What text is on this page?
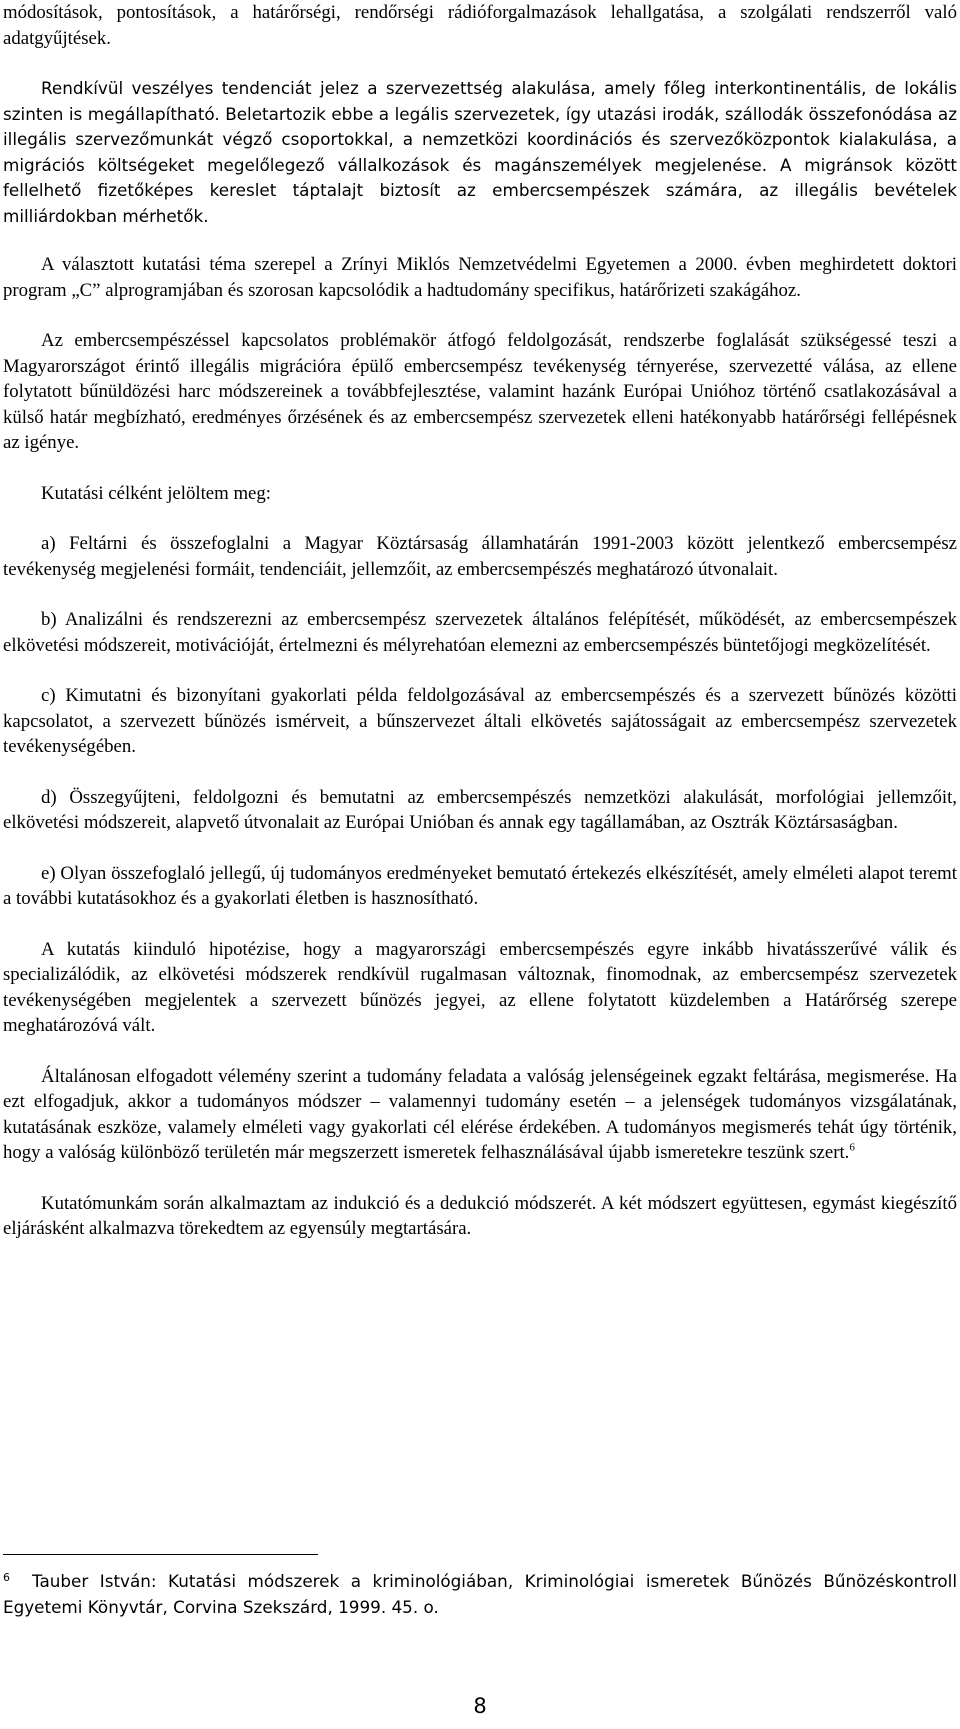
módosítások, pontosítások, a határőrségi, rendőrségi rádióforgalmazások lehallgatása, a szolgálati rendszerről való adatgyűjtések.

Rendkívül veszélyes tendenciát jelez a szervezettség alakulása, amely főleg interkontinentális, de lokális szinten is megállapítható. Beletartozik ebbe a legális szervezetek, így utazási irodák, szállodák összefonódása az illegális szervezőmunkát végző csoportokkal, a nemzetközi koordinációs és szervezőközpontok kialakulása, a migrációs költségeket megelőlegező vállalkozások és magánszemélyek megjelenése. A migránsok között fellelhető fizetőképes kereslet táptalajt biztosít az embercsempészek számára, az illegális bevételek milliárdokban mérhetők.

A választott kutatási téma szerepel a Zrínyi Miklós Nemzetvédelmi Egyetemen a 2000. évben meghirdetett doktori program „C” alprogramjában és szorosan kapcsolódik a hadtudomány specifikus, határőrizeti szakágához.

Az embercsempészéssel kapcsolatos problémakör átfogó feldolgozását, rendszerbe foglalását szükségessé teszi a Magyarországot érintő illegális migrációra épülő embercsempész tevékenység térnyerése, szervezetté válása, az ellene folytatott bűnüldözési harc módszereinek a továbbfejlesztése, valamint hazánk Európai Unióhoz történő csatlakozásával a külső határ megbízható, eredményes őrzésének és az embercsempész szervezetek elleni hatékonyabb határőrségi fellépésnek az igénye.

Kutatási célként jelöltem meg:

a) Feltárni és összefoglalni a Magyar Köztársaság államhatárán 1991-2003 között jelentkező embercsempész tevékenység megjelenési formáit, tendenciáit, jellemzőit, az embercsempészés meghatározó útvonalait.

b) Analizálni és rendszerezni az embercsempész szervezetek általános felépítését, működését, az embercsempészek elkövetési módszereit, motivációját, értelmezni és mélyrehatóan elemezni az embercsempészés büntetőjogi megközelítését.

c) Kimutatni és bizonyítani gyakorlati példa feldolgozásával az embercsempészés és a szervezett bűnözés közötti kapcsolatot, a szervezett bűnözés ismérveit, a bűnszervezet általi elkövetés sajátosságait az embercsempész szervezetek tevékenységében.

d) Összegyűjteni, feldolgozni és bemutatni az embercsempészés nemzetközi alakulását, morfológiai jellemzőit, elkövetési módszereit, alapvető útvonalait az Európai Unióban és annak egy tagállamában, az Osztrák Köztársaságban.

e) Olyan összefoglaló jellegű, új tudományos eredményeket bemutató értekezés elkészítését, amely elméleti alapot teremt a további kutatásokhoz és a gyakorlati életben is hasznosítható.

A kutatás kiinduló hipotézise, hogy a magyarországi embercsempészés egyre inkább hivatásszerűvé válik és specializálódik, az elkövetési módszerek rendkívül rugalmasan változnak, finomodnak, az embercsempész szervezetek tevékenységében megjelentek a szervezett bűnözés jegyei, az ellene folytatott küzdelemben a Határőrség szerepe meghatározóvá vált.

Általánosan elfogadott vélemény szerint a tudomány feladata a valóság jelenségeinek egzakt feltárása, megismerése. Ha ezt elfogadjuk, akkor a tudományos módszer – valamennyi tudomány esetén – a jelenségek tudományos vizsgálatának, kutatásának eszköze, valamely elméleti vagy gyakorlati cél elérése érdekében. A tudományos megismerés tehát úgy történik, hogy a valóság különböző területén már megszerzett ismeretek felhasználásával újabb ismeretekre teszünk szert.$^6$

Kutatómunkám során alkalmaztam az indukció és a dedukció módszerét. A két módszert együttesen, egymást kiegészítő eljárásként alkalmazva törekedtem az egyensúly megtartására.

$^6$ Tauber István: Kutatási módszerek a kriminológiában, Kriminológiai ismeretek Bűnözés Bűnözéskontroll Egyetemi Könyvtár, Corvina Szekszárd, 1999. 45. o.
8
